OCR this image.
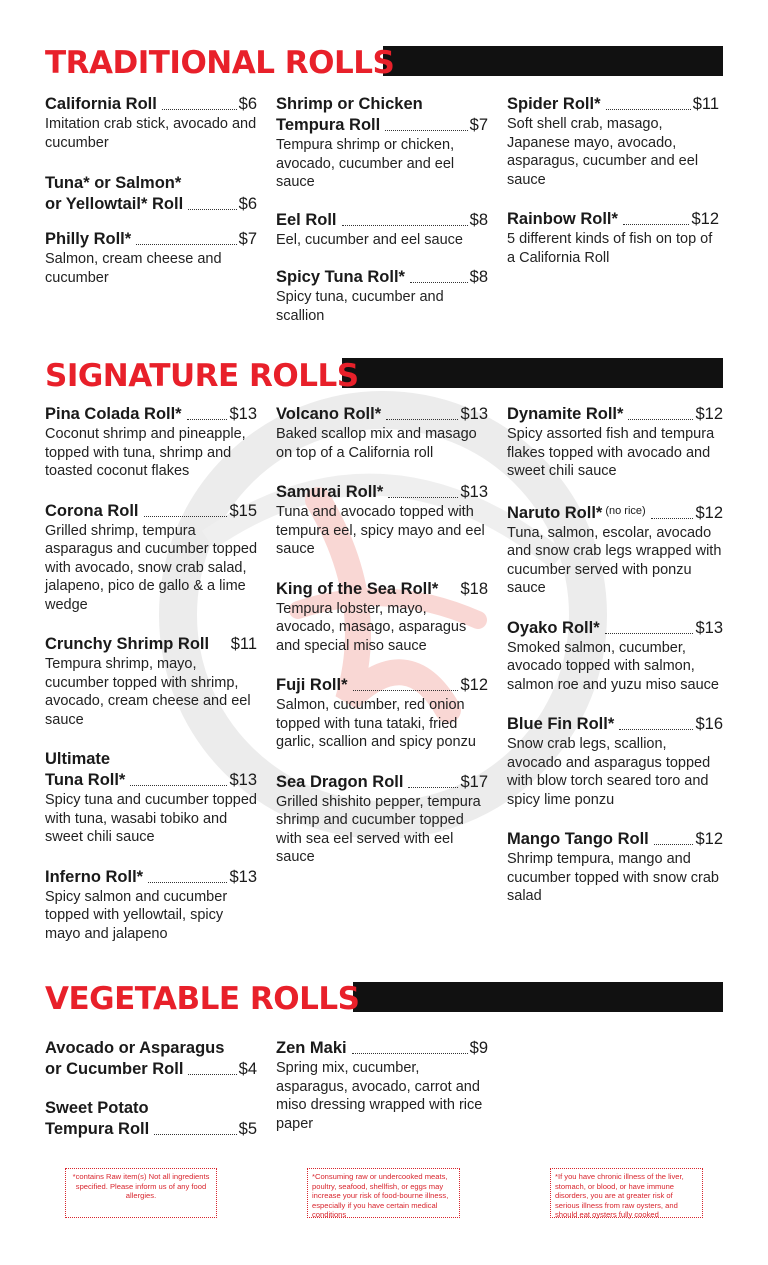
TRADITIONAL ROLLS
California Roll	$6
Imitation crab stick, avocado and cucumber
Tuna* or Salmon*
or Yellowtail* Roll	$6
Philly Roll*	$7
Salmon, cream cheese and cucumber
Shrimp or Chicken
Tempura Roll	$7
Tempura shrimp or chicken, avocado, cucumber and eel sauce
Eel Roll	$8
Eel, cucumber and eel sauce
Spicy Tuna Roll*	$8
Spicy tuna, cucumber and scallion
Spider Roll*	$11
Soft shell crab, masago, Japanese mayo, avocado, asparagus, cucumber and eel sauce
Rainbow Roll*	$12
5 different kinds of fish on top of a California Roll
SIGNATURE ROLLS
Pina Colada Roll*	$13
Coconut shrimp and pineapple, topped with tuna, shrimp and toasted coconut flakes
Corona Roll	$15
Grilled shrimp, tempura asparagus and cucumber topped with avocado, snow crab salad, jalapeno, pico de gallo & a lime wedge
Crunchy Shrimp Roll $11
Tempura shrimp, mayo, cucumber topped with shrimp, avocado, cream cheese and eel sauce
Ultimate
Tuna Roll*	$13
Spicy tuna and cucumber topped with tuna, wasabi tobiko and sweet chili sauce
Inferno Roll*	$13
Spicy salmon and cucumber topped with yellowtail, spicy mayo and jalapeno
Volcano Roll*	$13
Baked scallop mix and masago on top of a California roll
Samurai Roll*	$13
Tuna and avocado topped with tempura eel, spicy mayo and eel sauce
King of the Sea Roll* $18
Tempura lobster, mayo, avocado, masago, asparagus and special miso sauce
Fuji Roll*	$12
Salmon, cucumber, red onion topped with tuna tataki, fried garlic, scallion and spicy ponzu
Sea Dragon Roll	$17
Grilled shishito pepper, tempura shrimp and cucumber topped with sea eel served with eel sauce
Dynamite Roll*	$12
Spicy assorted fish and tempura flakes topped with avocado and sweet chili sauce
Naruto Roll* (no rice)	$12
Tuna, salmon, escolar, avocado and snow crab legs wrapped with cucumber served with ponzu sauce
Oyako Roll*	$13
Smoked salmon, cucumber, avocado topped with salmon, salmon roe and yuzu miso sauce
Blue Fin Roll*	$16
Snow crab legs, scallion, avocado and asparagus topped with blow torch seared toro and spicy lime ponzu
Mango Tango Roll	$12
Shrimp tempura, mango and cucumber topped with snow crab salad
VEGETABLE ROLLS
Avocado or Asparagus
or Cucumber Roll	$4
Sweet Potato
Tempura Roll	$5
Zen Maki	$9
Spring mix, cucumber, asparagus, avocado, carrot and miso dressing wrapped with rice paper
*contains Raw item(s) Not all ingredients specified. Please inform us of any food allergies.
*Consuming raw or undercooked meats, poultry, seafood, shellfish, or eggs may increase your risk of food-bourne illness, especially if you have certain medical conditions
*If you have chronic illness of the liver, stomach, or blood, or have immune disorders, you are at greater risk of serious illness from raw oysters, and should eat oysters fully cooked
